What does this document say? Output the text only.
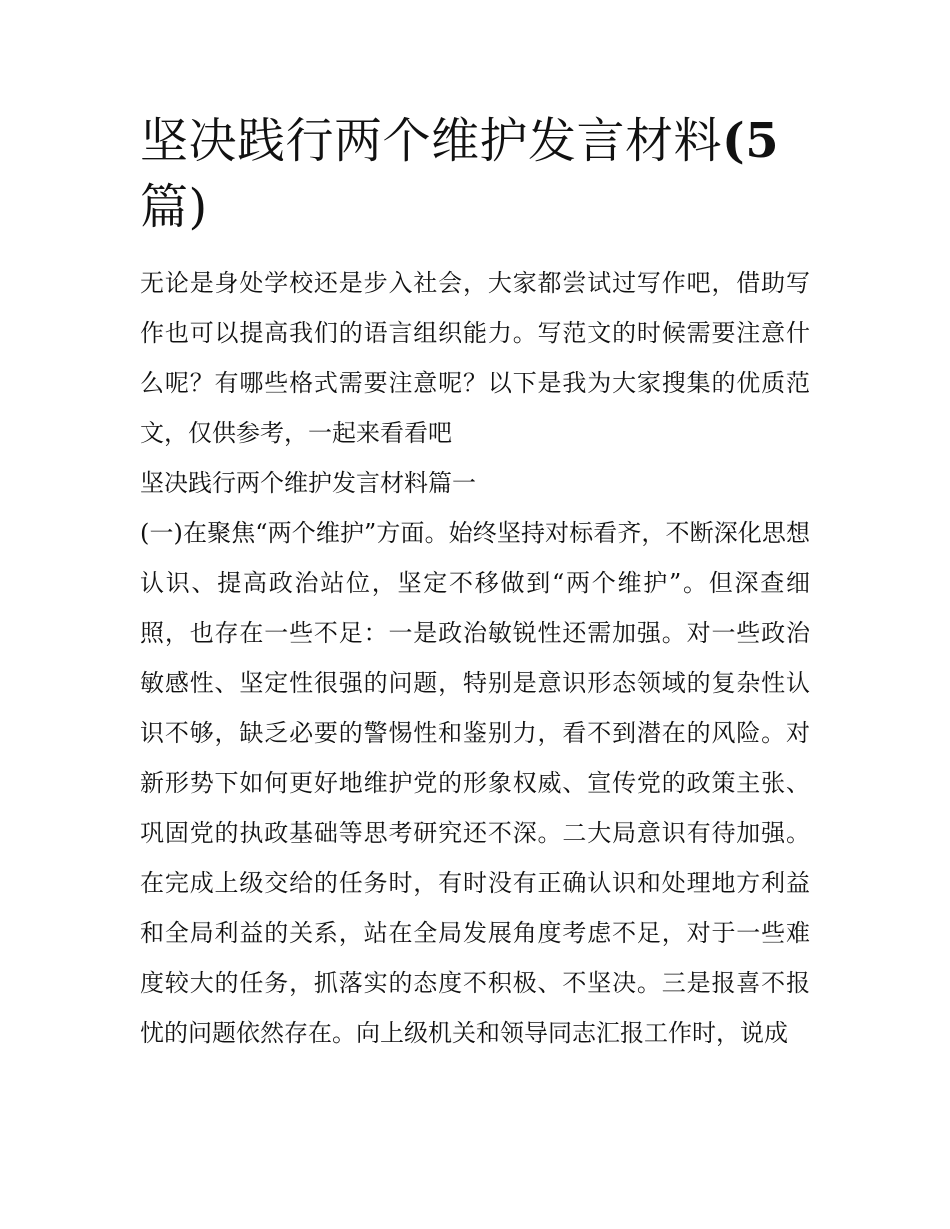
坚决践行两个维护发言材料(5篇)

无论是身处学校还是步入社会，大家都尝试过写作吧，借助写作也可以提高我们的语言组织能力。写范文的时候需要注意什么呢？有哪些格式需要注意呢？以下是我为大家搜集的优质范文，仅供参考，一起来看看吧

坚决践行两个维护发言材料篇一

(一)在聚焦“两个维护”方面。始终坚持对标看齐，不断深化思想认识、提高政治站位，坚定不移做到“两个维护”。但深查细照，也存在一些不足：一是政治敏锐性还需加强。对一些政治敏感性、坚定性很强的问题，特别是意识形态领域的复杂性认识不够，缺乏必要的警惕性和鉴别力，看不到潜在的风险。对新形势下如何更好地维护党的形象权威、宣传党的政策主张、巩固党的执政基础等思考研究还不深。二大局意识有待加强。在完成上级交给的任务时，有时没有正确认识和处理地方利益和全局利益的关系，站在全局发展角度考虑不足，对于一些难度较大的任务，抓落实的态度不积极、不坚决。三是报喜不报忧的问题依然存在。向上级机关和领导同志汇报工作时，说成
